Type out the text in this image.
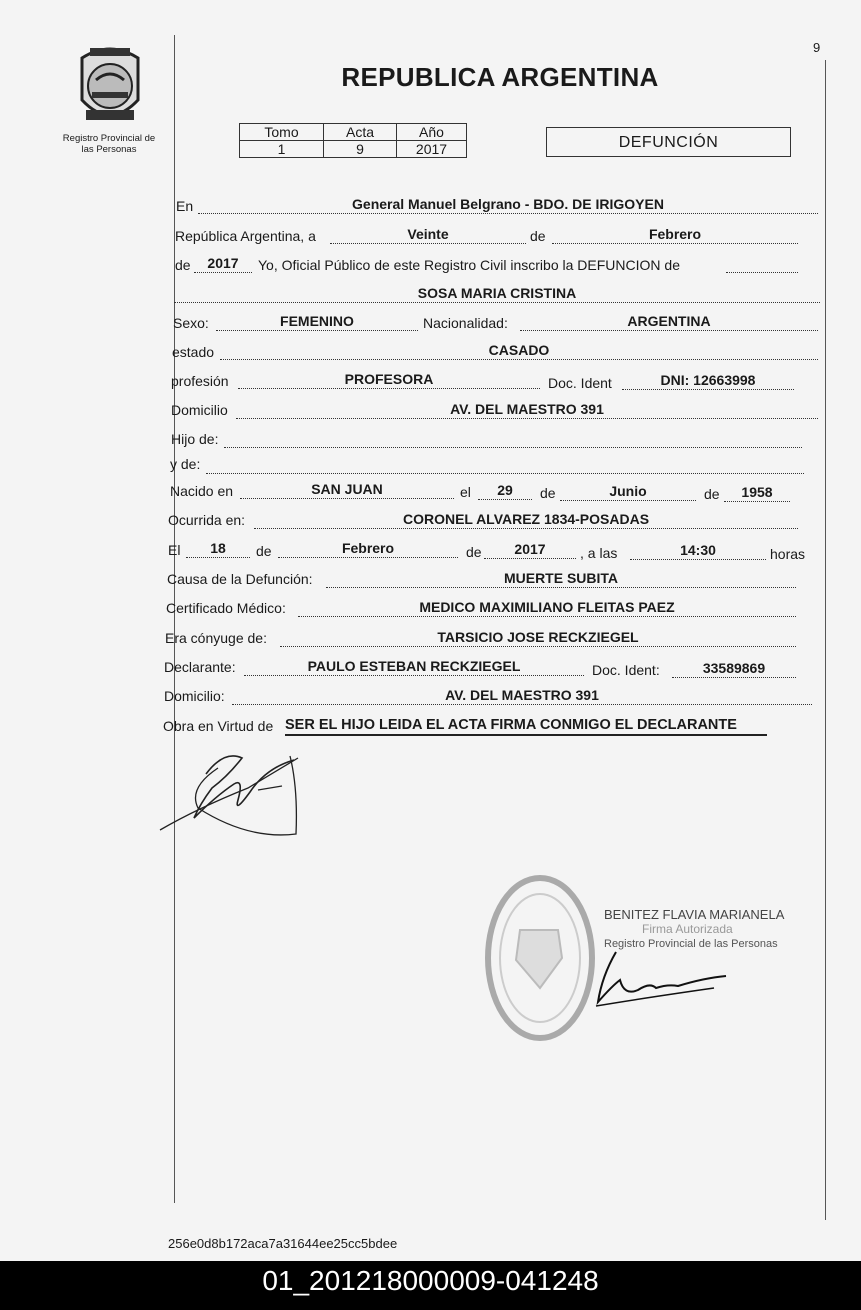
9
Registro Provincial de
las Personas
REPUBLICA ARGENTINA
Tomo	Acta	Año
1	9	2017	DEFUNCIÓN
En	General Manuel Belgrano - BDO. DE IRIGOYEN
República Argentina, a	Veinte	de	Febrero
de	2017	Yo, Oficial Público de este Registro Civil inscribo la DEFUNCION de
SOSA MARIA CRISTINA
Sexo:	FEMENINO	Nacionalidad:	ARGENTINA
estado	CASADO
profesión	PROFESORA	Doc. Ident	DNI: 12663998
Domicilio	AV. DEL MAESTRO 391
Hijo de:
y de:
Nacido en	SAN JUAN	el	29	de	Junio	de	1958
Ocurrida en:	CORONEL ALVAREZ 1834-POSADAS
El	18	de	Febrero	de	2017	, a las	14:30	horas
Causa de la Defunción:	MUERTE SUBITA
Certificado Médico:	MEDICO MAXIMILIANO FLEITAS PAEZ
Era cónyuge de:	TARSICIO JOSE RECKZIEGEL
Declarante:	PAULO ESTEBAN RECKZIEGEL	Doc. Ident:	33589869
Domicilio:	AV. DEL MAESTRO 391
Obra en Virtud de SER EL HIJO LEIDA EL ACTA FIRMA CONMIGO EL DECLARANTE
BENITEZ FLAVIA MARIANELA
Firma Autorizada
Registro Provincial de las Personas
256e0d8b172aca7a31644ee25cc5bdee
01_201218000009-041248
